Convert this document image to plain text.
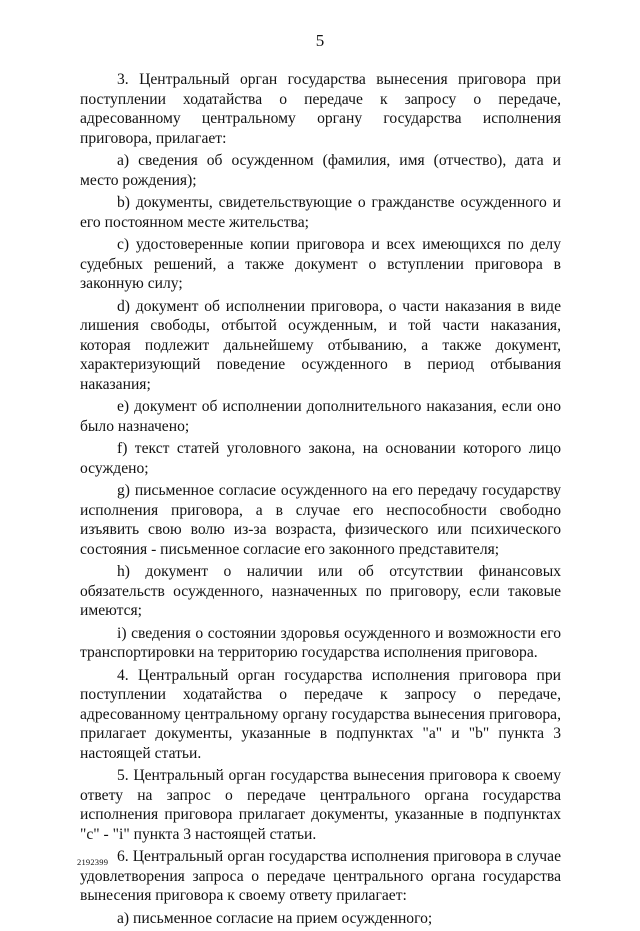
5

3. Центральный орган государства вынесения приговора при поступлении ходатайства о передаче к запросу о передаче, адресованному центральному органу государства исполнения приговора, прилагает:

a) сведения об осужденном (фамилия, имя (отчество), дата и место рождения);

b) документы, свидетельствующие о гражданстве осужденного и его постоянном месте жительства;

c) удостоверенные копии приговора и всех имеющихся по делу судебных решений, а также документ о вступлении приговора в законную силу;

d) документ об исполнении приговора, о части наказания в виде лишения свободы, отбытой осужденным, и той части наказания, которая подлежит дальнейшему отбыванию, а также документ, характеризующий поведение осужденного в период отбывания наказания;

e) документ об исполнении дополнительного наказания, если оно было назначено;

f) текст статей уголовного закона, на основании которого лицо осуждено;

g) письменное согласие осужденного на его передачу государству исполнения приговора, а в случае его неспособности свободно изъявить свою волю из-за возраста, физического или психического состояния - письменное согласие его законного представителя;

h) документ о наличии или об отсутствии финансовых обязательств осужденного, назначенных по приговору, если таковые имеются;

i) сведения о состоянии здоровья осужденного и возможности его транспортировки на территорию государства исполнения приговора.

4. Центральный орган государства исполнения приговора при поступлении ходатайства о передаче к запросу о передаче, адресованному центральному органу государства вынесения приговора, прилагает документы, указанные в подпунктах "a" и "b" пункта 3 настоящей статьи.

5. Центральный орган государства вынесения приговора к своему ответу на запрос о передаче центрального органа государства исполнения приговора прилагает документы, указанные в подпунктах "c" - "i" пункта 3 настоящей статьи.

6. Центральный орган государства исполнения приговора в случае удовлетворения запроса о передаче центрального органа государства вынесения приговора к своему ответу прилагает:

a) письменное согласие на прием осужденного;

2192399
